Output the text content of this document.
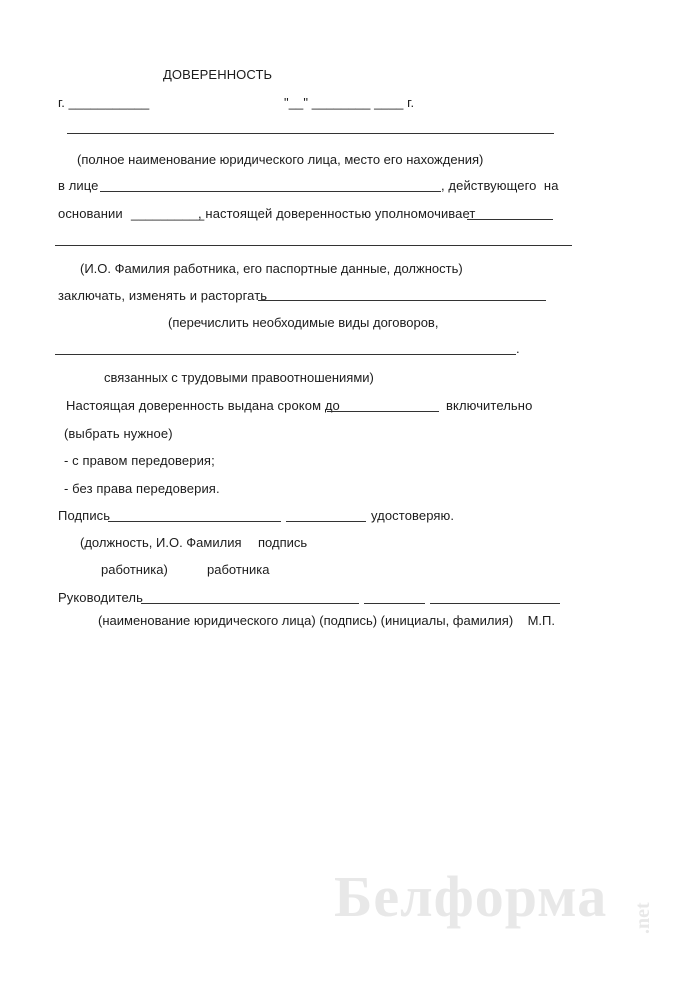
ДОВЕРЕННОСТЬ
г. ___________	"__" ________ ____ г.
(полное наименование юридического лица, место его нахождения)
в лице	, действующего  на
основании __________
, настоящей доверенностью уполномочивает
(И.О. Фамилия работника, его паспортные данные, должность)
заключать, изменять и расторгать
(перечислить необходимые виды договоров,
.
связанных с трудовыми правоотношениями)
Настоящая доверенность выдана сроком до	включительно
(выбрать нужное)
- с правом передоверия;
- без права передоверия.
Подпись	удостоверяю.
(должность, И.О. Фамилия подпись
работника)	работника
Руководитель
(наименование юридического лица) (подпись) (инициалы, фамилия)    М.П.
Белформа .net
